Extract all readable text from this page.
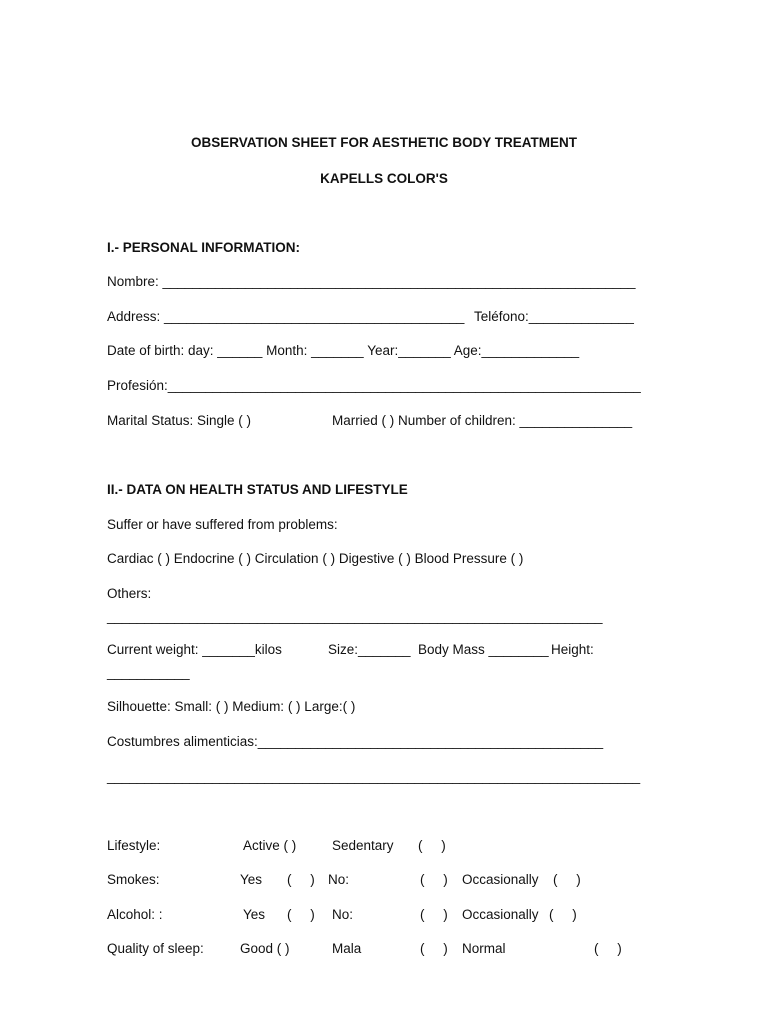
OBSERVATION SHEET FOR AESTHETIC BODY TREATMENT
KAPELLS COLOR'S
I.- PERSONAL INFORMATION:
Nombre: _______________________________________________________________
Address: ________________________________________ Teléfono:______________
Date of birth: day: ______ Month: _______ Year:_______ Age:_____________
Profesión:_______________________________________________________________
Marital Status: Single ( )	Married ( ) Number of children: _______________
II.- DATA ON HEALTH STATUS AND LIFESTYLE
Suffer or have suffered from problems:
Cardiac ( ) Endocrine ( ) Circulation ( ) Digestive ( ) Blood Pressure ( )
Others:
__________________________________________________________________
Current weight: _______kilos	Size:_______ Body Mass ________ Height:
___________
Silhouette: Small: ( ) Medium: ( ) Large:( )
Costumbres alimenticias:______________________________________________
_______________________________________________________________________
Lifestyle:	Active ( )	Sedentary (     )
Smokes:	Yes (     ) No:	(     ) Occasionally (     )
Alcohol: :	Yes (     ) No:	(     ) Occasionally (     )
Quality of sleep:	Good ( )	Mala	(     ) Normal	(     )
